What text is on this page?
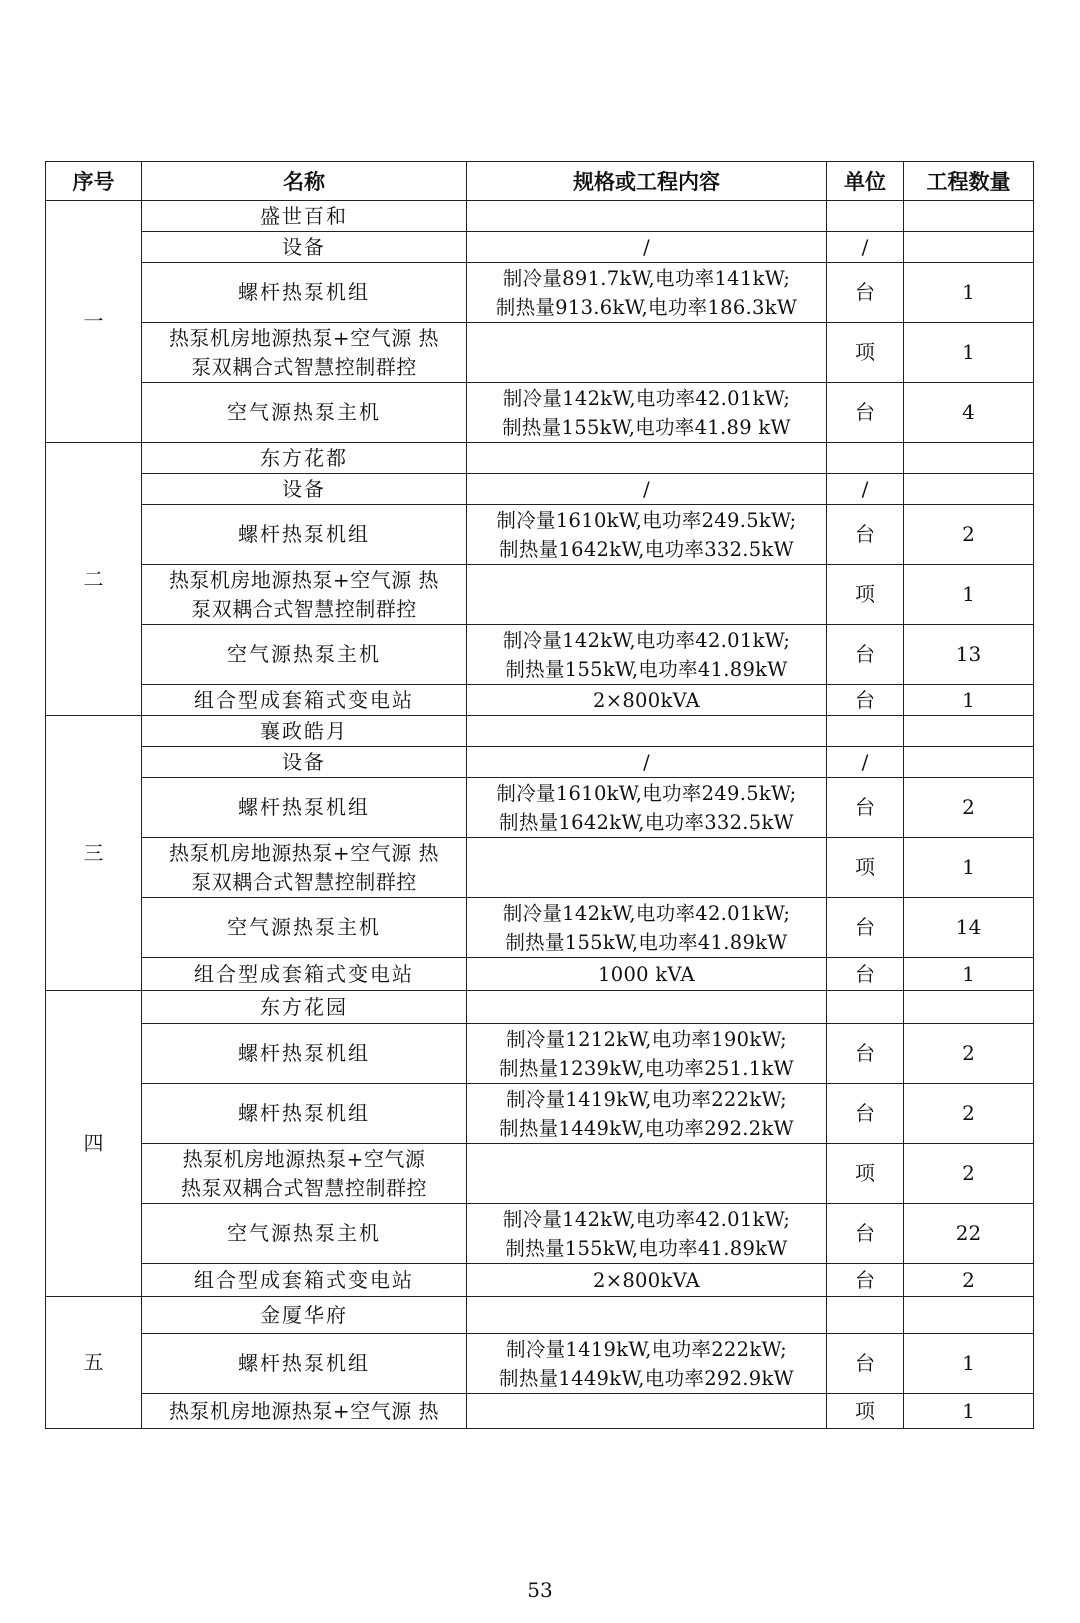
序号	名称	规格或工程内容	单位	工程数量
一	盛世百和			
	设备	/	/	
	螺杆热泵机组	制冷量891.7kW,电功率141kW;
制热量913.6kW,电功率186.3kW	台	1
	热泵机房地源热泵+空气源 热
泵双耦合式智慧控制群控		项	1
	空气源热泵主机	制冷量142kW,电功率42.01kW;
制热量155kW,电功率41.89 kW	台	4
二	东方花都			
	设备	/	/	
	螺杆热泵机组	制冷量1610kW,电功率249.5kW;
制热量1642kW,电功率332.5kW	台	2
	热泵机房地源热泵+空气源 热
泵双耦合式智慧控制群控		项	1
	空气源热泵主机	制冷量142kW,电功率42.01kW;
制热量155kW,电功率41.89kW	台	13
	组合型成套箱式变电站	2×800kVA	台	1
三	襄政皓月			
	设备	/	/	
	螺杆热泵机组	制冷量1610kW,电功率249.5kW;
制热量1642kW,电功率332.5kW	台	2
	热泵机房地源热泵+空气源 热
泵双耦合式智慧控制群控		项	1
	空气源热泵主机	制冷量142kW,电功率42.01kW;
制热量155kW,电功率41.89kW	台	14
	组合型成套箱式变电站	1000 kVA	台	1
四	东方花园			
	螺杆热泵机组	制冷量1212kW,电功率190kW;
制热量1239kW,电功率251.1kW	台	2
	螺杆热泵机组	制冷量1419kW,电功率222kW;
制热量1449kW,电功率292.2kW	台	2
	热泵机房地源热泵+空气源
热泵双耦合式智慧控制群控		项	2
	空气源热泵主机	制冷量142kW,电功率42.01kW;
制热量155kW,电功率41.89kW	台	22
	组合型成套箱式变电站	2×800kVA	台	2
五	金厦华府			
	螺杆热泵机组	制冷量1419kW,电功率222kW;
制热量1449kW,电功率292.9kW	台	1
	热泵机房地源热泵+空气源 热		项	1
53
